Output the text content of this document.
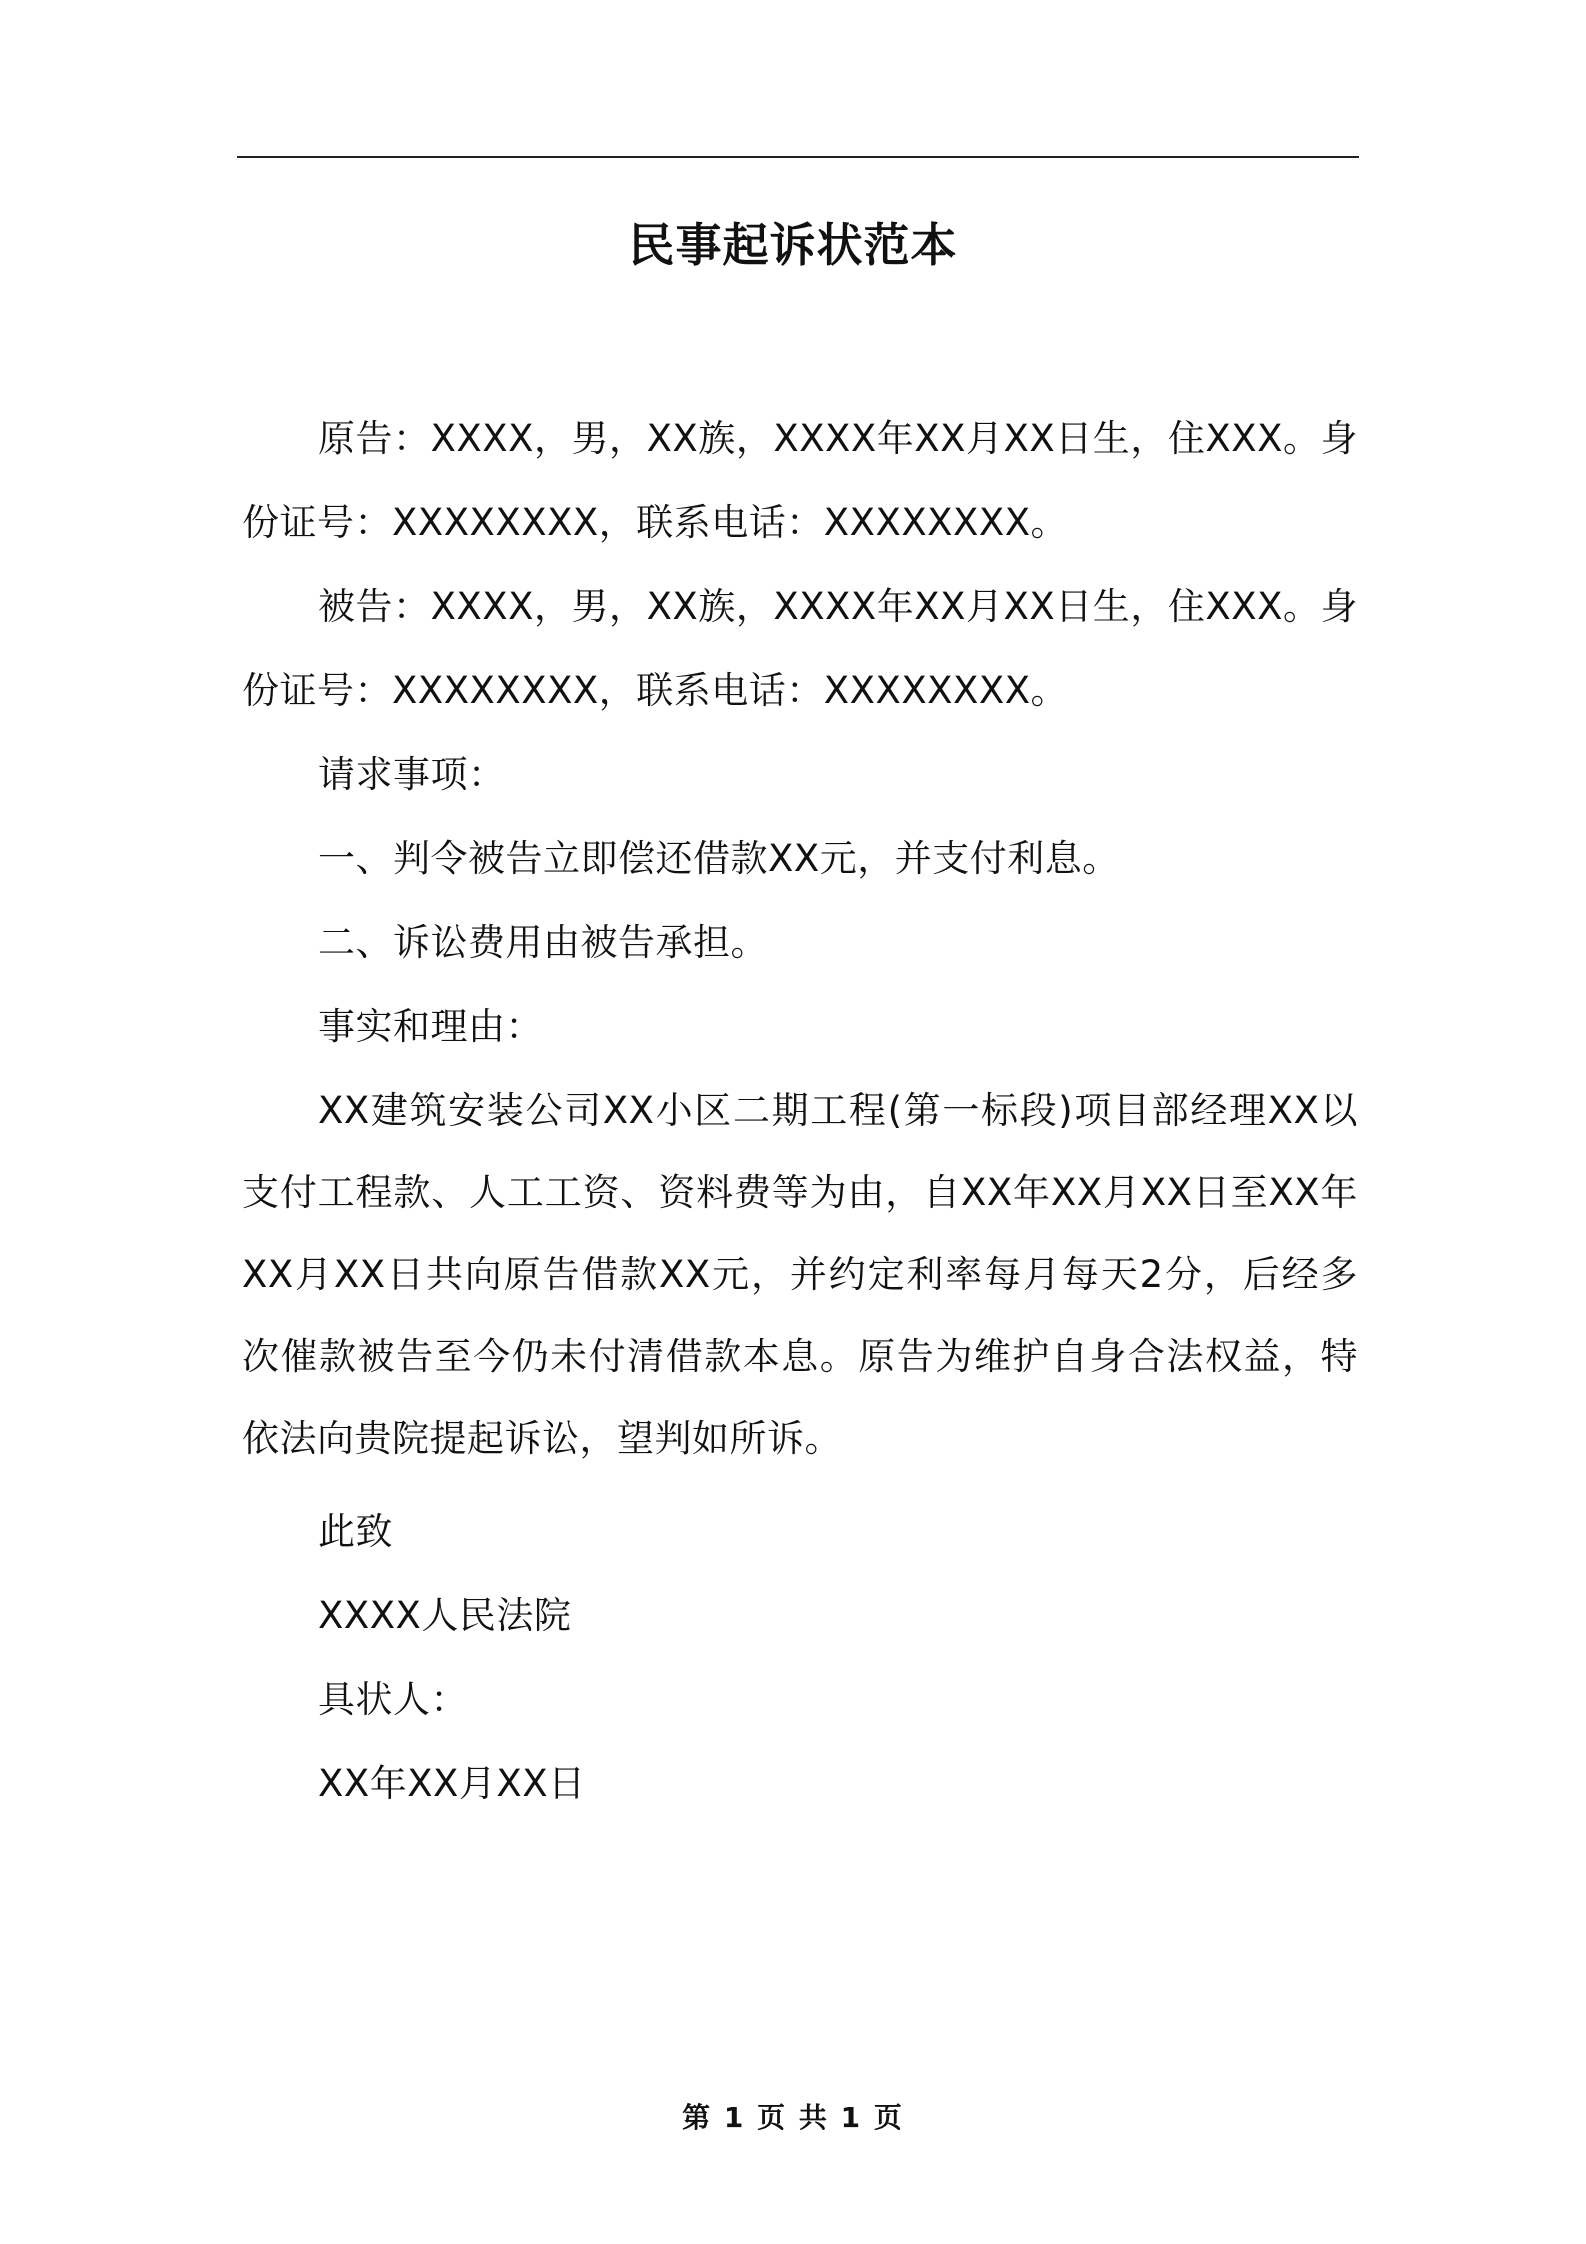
民事起诉状范本

原告：XXXX，男，XX族，XXXX年XX月XX日生，住XXX。身份证号：XXXXXXXX，联系电话：XXXXXXXX。

被告：XXXX，男，XX族，XXXX年XX月XX日生，住XXX。身份证号：XXXXXXXX，联系电话：XXXXXXXX。

请求事项：

一、判令被告立即偿还借款XX元，并支付利息。

二、诉讼费用由被告承担。

事实和理由：

XX建筑安装公司XX小区二期工程(第一标段)项目部经理XX以支付工程款、人工工资、资料费等为由，自XX年XX月XX日至XX年XX月XX日共向原告借款XX元，并约定利率每月每天2分，后经多次催款被告至今仍未付清借款本息。原告为维护自身合法权益，特依法向贵院提起诉讼，望判如所诉。

此致

XXXX人民法院

具状人：

XX年XX月XX日

第 1 页 共 1 页
